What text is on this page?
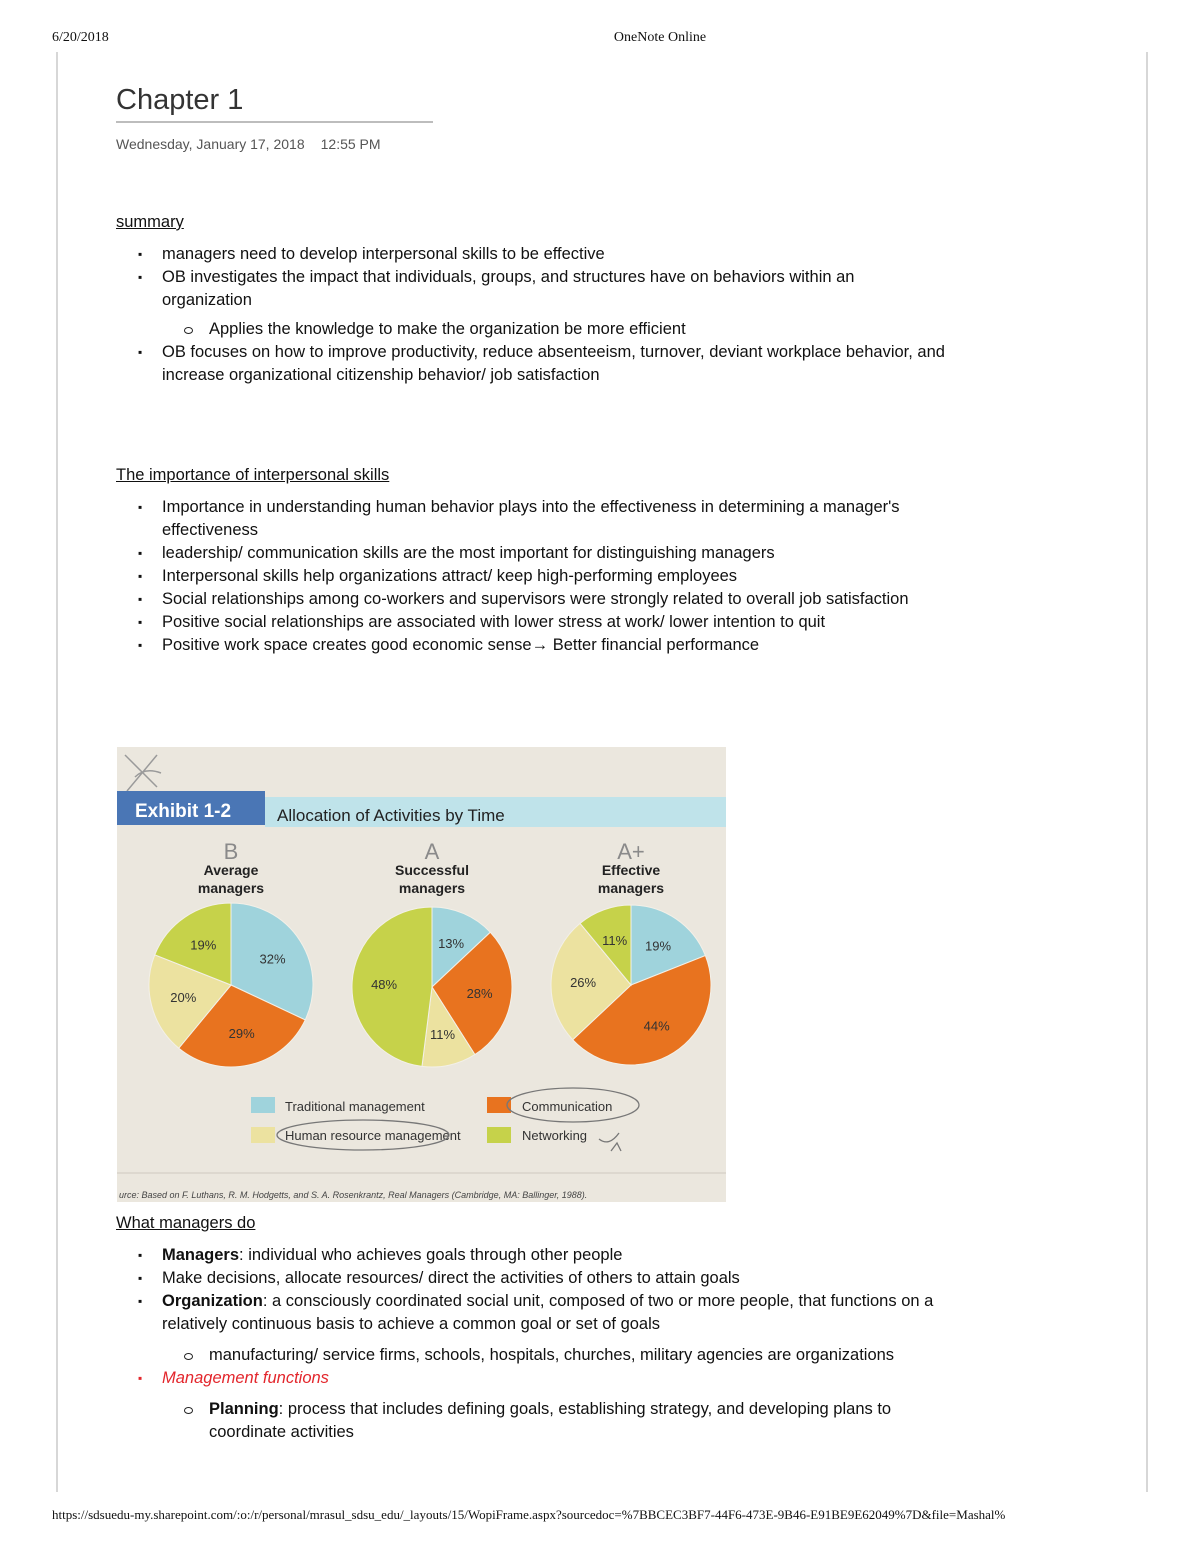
6/20/2018	OneNote Online
Chapter 1
Wednesday, January 17, 2018 12:55 PM
summary
▪ managers need to develop interpersonal skills to be effective
▪ OB investigates the impact that individuals, groups, and structures have on behaviors within an organization
Applies the knowledge to make the organization be more efficient
▪ OB focuses on how to improve productivity, reduce absenteeism, turnover, deviant workplace behavior, and increase organizational citizenship behavior/ job satisfaction
The importance of interpersonal skills
▪ Importance in understanding human behavior plays into the effectiveness in determining a manager's effectiveness
▪ leadership/ communication skills are the most important for distinguishing managers
▪ Interpersonal skills help organizations attract/ keep high-performing employees
▪ Social relationships among co-workers and supervisors were strongly related to overall job satisfaction
▪ Positive social relationships are associated with lower stress at work/ lower intention to quit
▪ Positive work space creates good economic sense→ Better financial performance
Exhibit 1-2	Allocation of Activities by Time
B
Average
managers
32%
29%
20%
19%
A
Successful
managers
13%
28%
11%
48%
A+
Effective
managers
19%
44%
26%
11%
Traditional management
Human resource management
Communication
Networking
urce: Based on F. Luthans, R. M. Hodgetts, and S. A. Rosenkrantz, Real Managers (Cambridge, MA: Ballinger, 1988).
What managers do
▪ Managers: individual who achieves goals through other people
▪ Make decisions, allocate resources/ direct the activities of others to attain goals
▪ Organization: a consciously coordinated social unit, composed of two or more people, that functions on a relatively continuous basis to achieve a common goal or set of goals
manufacturing/ service firms, schools, hospitals, churches, military agencies are organizations
▪ Management functions
Planning: process that includes defining goals, establishing strategy, and developing plans to coordinate activities
https://sdsuedu-my.sharepoint.com/:o:/r/personal/mrasul_sdsu_edu/_layouts/15/WopiFrame.aspx?sourcedoc=%7BBCEC3BF7-44F6-473E-9B46-E91BE9E62049%7D&file=Mashal%
